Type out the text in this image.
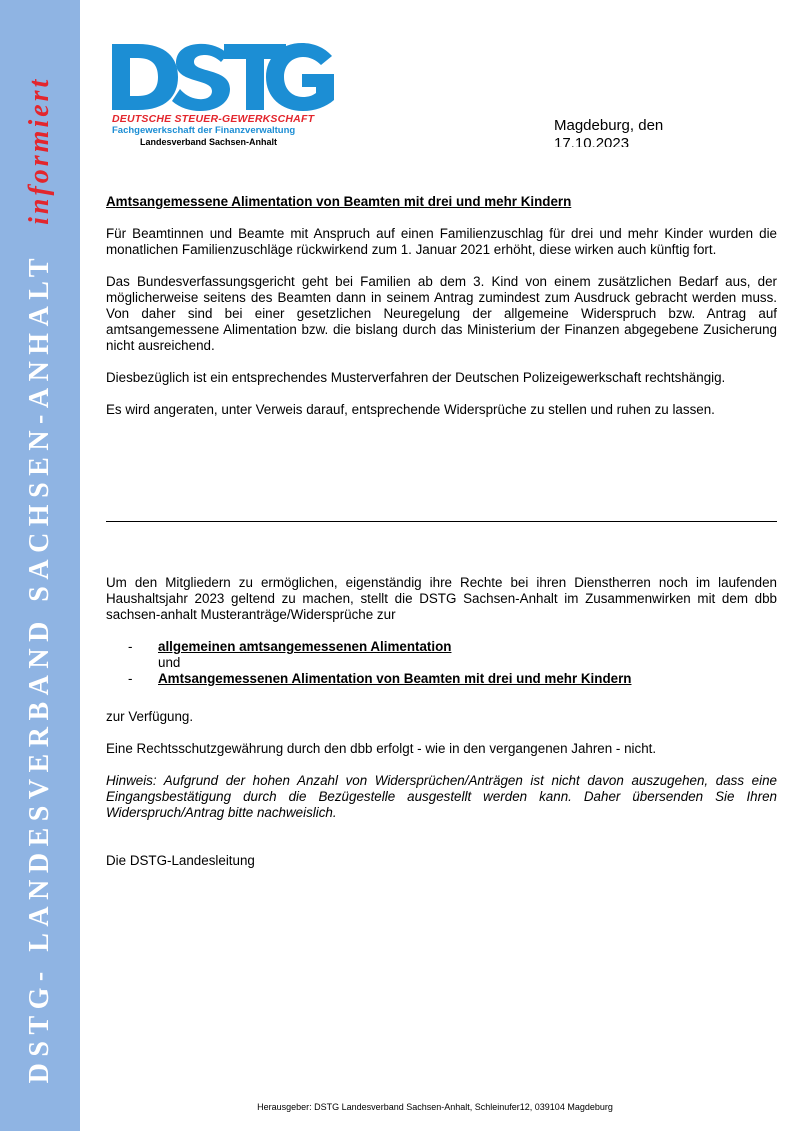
DSTG- LANDESVERBAND SACHSEN-ANHALT  informiert	DEUTSCHE STEUER-GEWERKSCHAFT
Fachgewerkschaft der Finanzverwaltung
Landesverband Sachsen-Anhalt
Magdeburg, den
17.10.2023

Amtsangemessene Alimentation von Beamten mit drei und mehr Kindern

Für Beamtinnen und Beamte mit Anspruch auf einen Familienzuschlag für drei und mehr Kinder wurden die monatlichen Familienzuschläge rückwirkend zum 1. Januar 2021 erhöht, diese wirken auch künftig fort.

Das Bundesverfassungsgericht geht bei Familien ab dem 3. Kind von einem zusätzlichen Bedarf aus, der möglicherweise seitens des Beamten dann in seinem Antrag zumindest zum Ausdruck gebracht werden muss. Von daher sind bei einer gesetzlichen Neuregelung der allgemeine Widerspruch bzw. Antrag auf amtsangemessene Alimentation bzw. die bislang durch das Ministerium der Finanzen abgegebene Zusicherung nicht ausreichend.

Diesbezüglich ist ein entsprechendes Musterverfahren der Deutschen Polizeigewerkschaft rechtshängig.

Es wird angeraten, unter Verweis darauf, entsprechende Widersprüche zu stellen und ruhen zu lassen.

Um den Mitgliedern zu ermöglichen, eigenständig ihre Rechte bei ihren Dienstherren noch im laufenden Haushaltsjahr 2023 geltend zu machen, stellt die DSTG Sachsen-Anhalt im Zusammenwirken mit dem dbb sachsen-anhalt Musteranträge/Widersprüche zur

- allgemeinen amtsangemessenen Alimentation
und
- Amtsangemessenen Alimentation von Beamten mit drei und mehr Kindern

zur Verfügung.

Eine Rechtsschutzgewährung durch den dbb erfolgt - wie in den vergangenen Jahren - nicht.

Hinweis: Aufgrund der hohen Anzahl von Widersprüchen/Anträgen ist nicht davon auszugehen, dass eine Eingangsbestätigung durch die Bezügestelle ausgestellt werden kann. Daher übersenden Sie Ihren Widerspruch/Antrag bitte nachweislich.

Die DSTG-Landesleitung

Herausgeber: DSTG Landesverband Sachsen-Anhalt, Schleinufer12, 039104 Magdeburg
